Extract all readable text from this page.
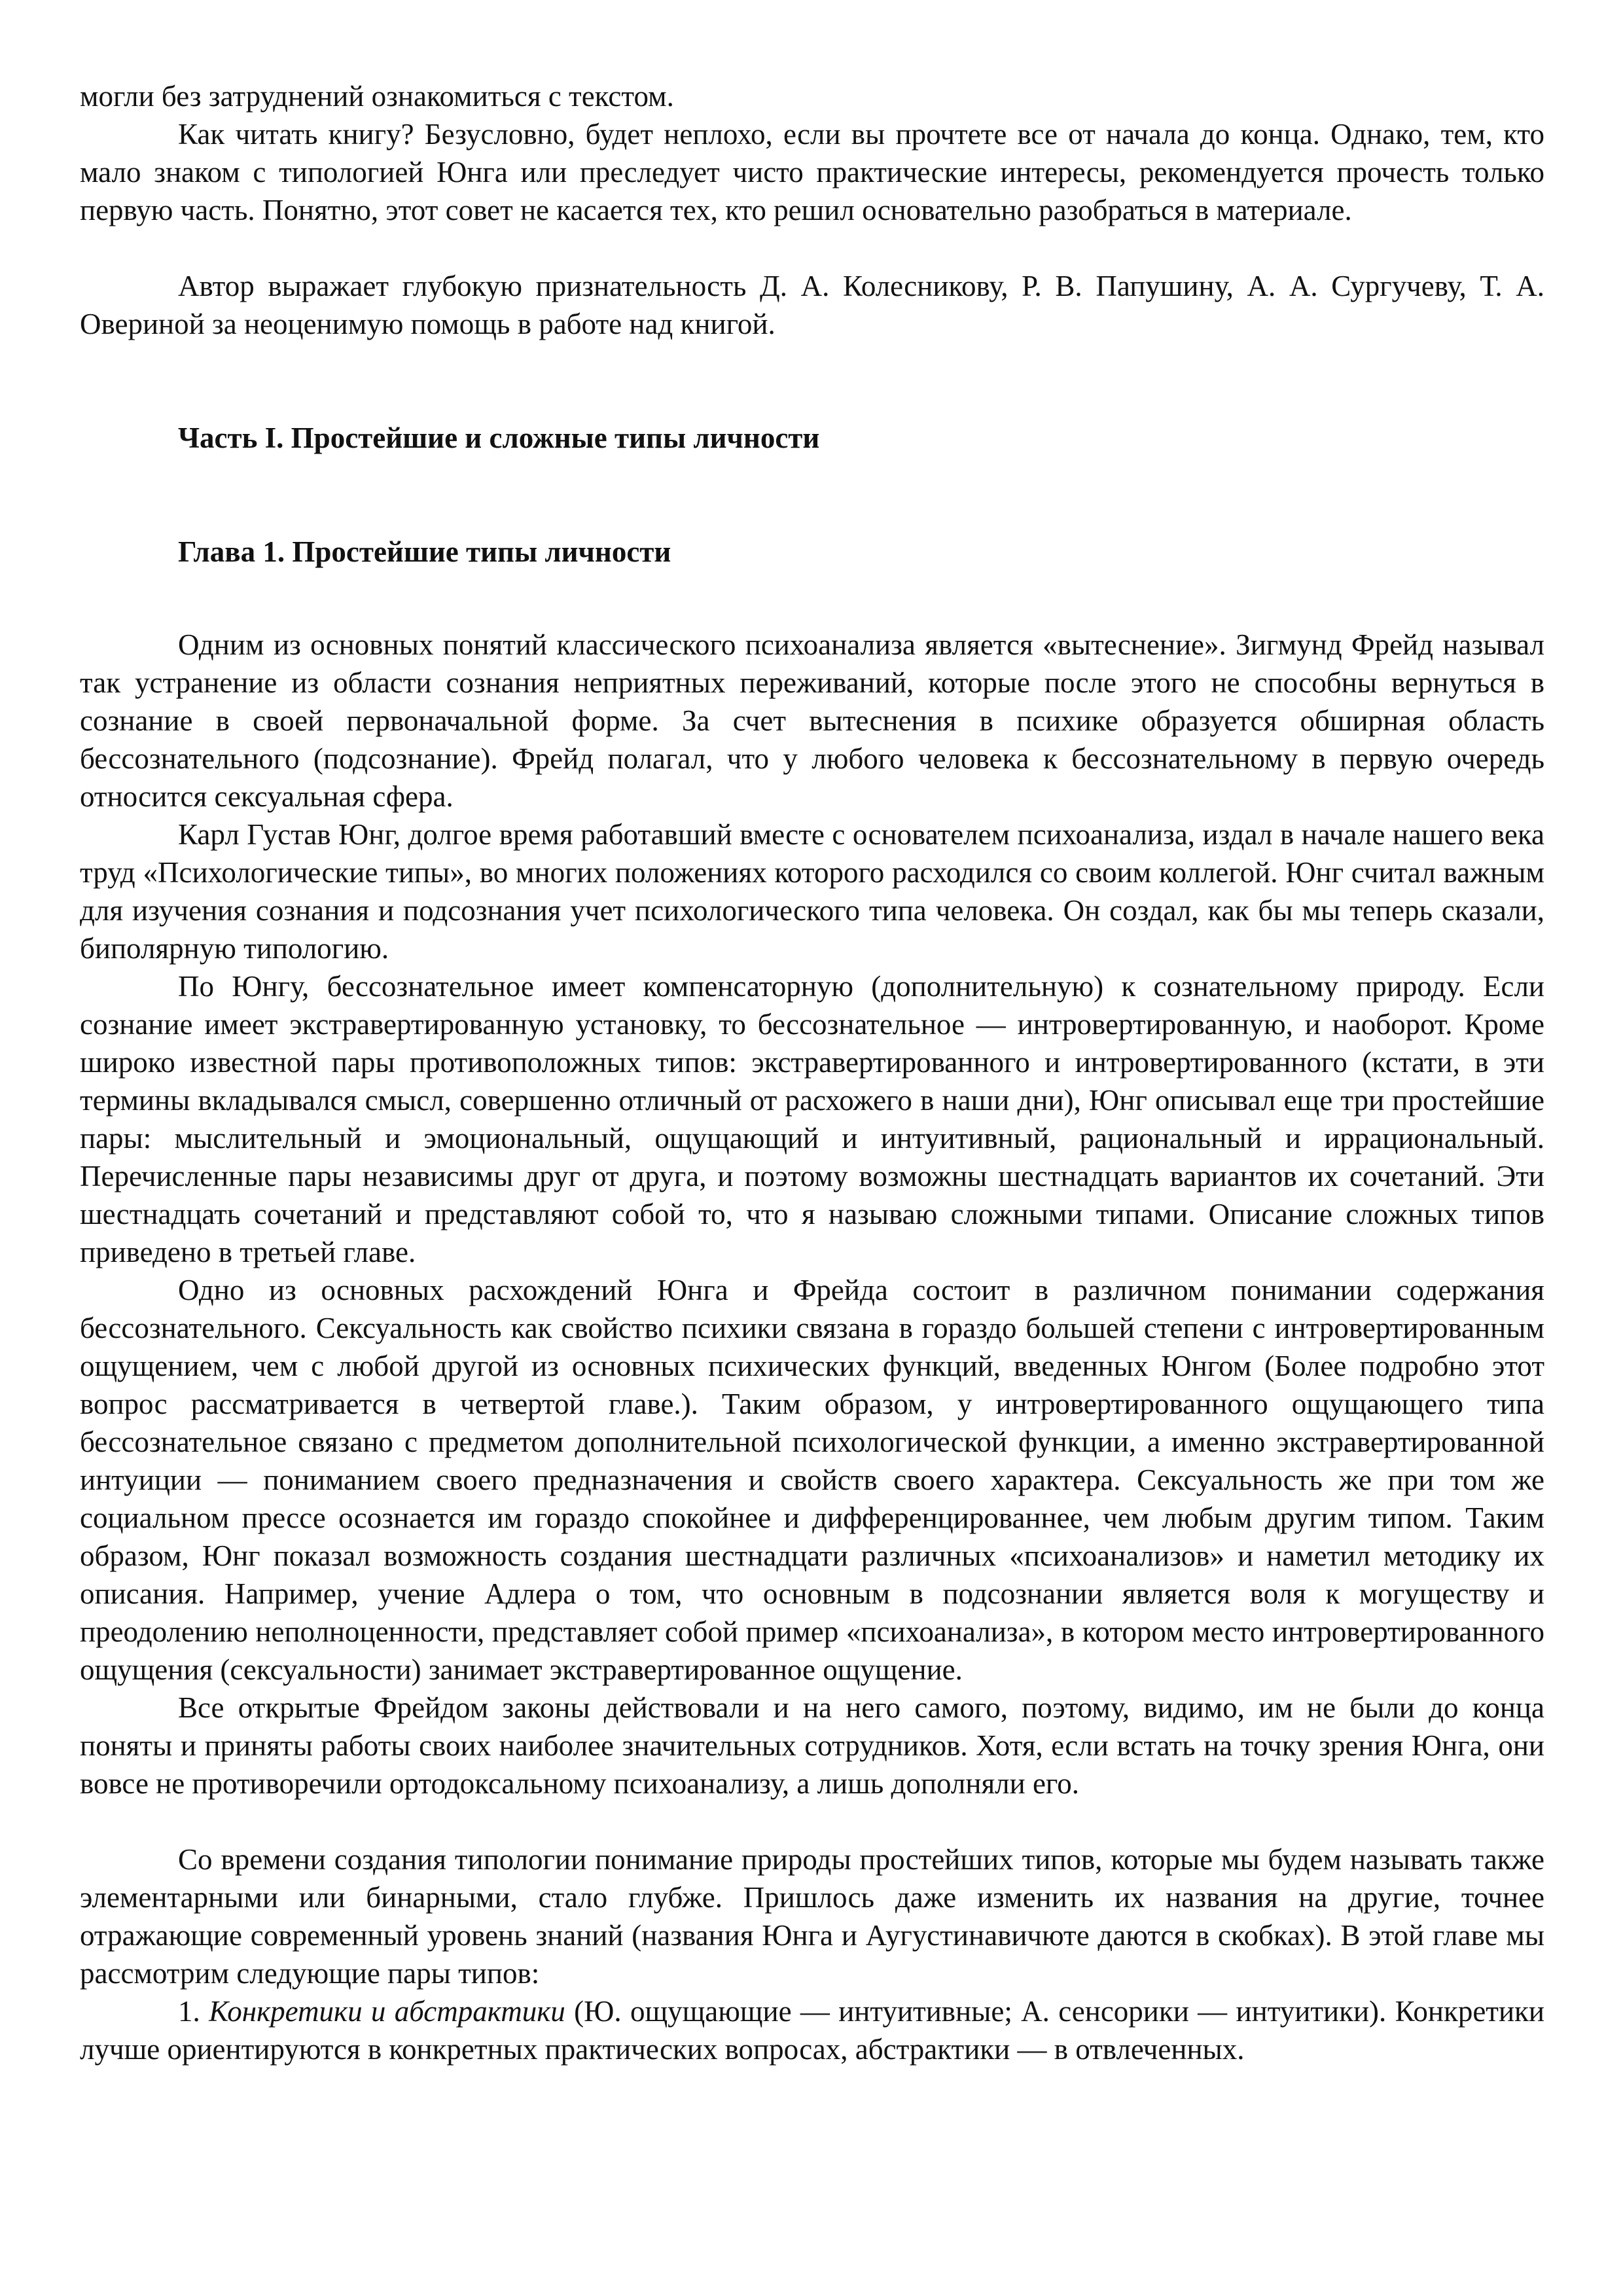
могли без затруднений ознакомиться с текстом.

Как читать книгу? Безусловно, будет неплохо, если вы прочтете все от начала до конца. Однако, тем, кто мало знаком с типологией Юнга или преследует чисто практические интересы, рекомендуется прочесть только первую часть. Понятно, этот совет не касается тех, кто решил основательно разобраться в материале.

Автор выражает глубокую признательность Д. А. Колесникову, Р. В. Папушину, А. А. Сургучеву, Т. А. Овериной за неоценимую помощь в работе над книгой.

Часть I. Простейшие и сложные типы личности

Глава 1. Простейшие типы личности

Одним из основных понятий классического психоанализа является «вытеснение». Зигмунд Фрейд называл так устранение из области сознания неприятных переживаний, которые после этого не способны вернуться в сознание в своей первоначальной форме. За счет вытеснения в психике образуется обширная область бессознательного (подсознание). Фрейд полагал, что у любого человека к бессознательному в первую очередь относится сексуальная сфера.

Карл Густав Юнг, долгое время работавший вместе с основателем психоанализа, издал в начале нашего века труд «Психологические типы», во многих положениях которого расходился со своим коллегой. Юнг считал важным для изучения сознания и подсознания учет психологического типа человека. Он создал, как бы мы теперь сказали, биполярную типологию.

По Юнгу, бессознательное имеет компенсаторную (дополнительную) к сознательному природу. Если сознание имеет экстравертированную установку, то бессознательное — интровертированную, и наоборот. Кроме широко известной пары противоположных типов: экстравертированного и интровертированного (кстати, в эти термины вкладывался смысл, совершенно отличный от расхожего в наши дни), Юнг описывал еще три простейшие пары: мыслительный и эмоциональный, ощущающий и интуитивный, рациональный и иррациональный. Перечисленные пары независимы друг от друга, и поэтому возможны шестнадцать вариантов их сочетаний. Эти шестнадцать сочетаний и представляют собой то, что я называю сложными типами. Описание сложных типов приведено в третьей главе.

Одно из основных расхождений Юнга и Фрейда состоит в различном понимании содержания бессознательного. Сексуальность как свойство психики связана в гораздо большей степени с интровертированным ощущением, чем с любой другой из основных психических функций, введенных Юнгом (Более подробно этот вопрос рассматривается в четвертой главе.). Таким образом, у интровертированного ощущающего типа бессознательное связано с предметом дополнительной психологической функции, а именно экстравертированной интуиции — пониманием своего предназначения и свойств своего характера. Сексуальность же при том же социальном прессе осознается им гораздо спокойнее и дифференцированнее, чем любым другим типом. Таким образом, Юнг показал возможность создания шестнадцати различных «психоанализов» и наметил методику их описания. Например, учение Адлера о том, что основным в подсознании является воля к могуществу и преодолению неполноценности, представляет собой пример «психоанализа», в котором место интровертированного ощущения (сексуальности) занимает экстравертированное ощущение.

Все открытые Фрейдом законы действовали и на него самого, поэтому, видимо, им не были до конца поняты и приняты работы своих наиболее значительных сотрудников. Хотя, если встать на точку зрения Юнга, они вовсе не противоречили ортодоксальному психоанализу, а лишь дополняли его.

Со времени создания типологии понимание природы простейших типов, которые мы будем называть также элементарными или бинарными, стало глубже. Пришлось даже изменить их названия на другие, точнее отражающие современный уровень знаний (названия Юнга и Аугустинавичюте даются в скобках). В этой главе мы рассмотрим следующие пары типов:

1. Конкретики и абстрактики (Ю. ощущающие — интуитивные; А. сенсорики — интуитики). Конкретики лучше ориентируются в конкретных практических вопросах, абстрактики — в отвлеченных.
